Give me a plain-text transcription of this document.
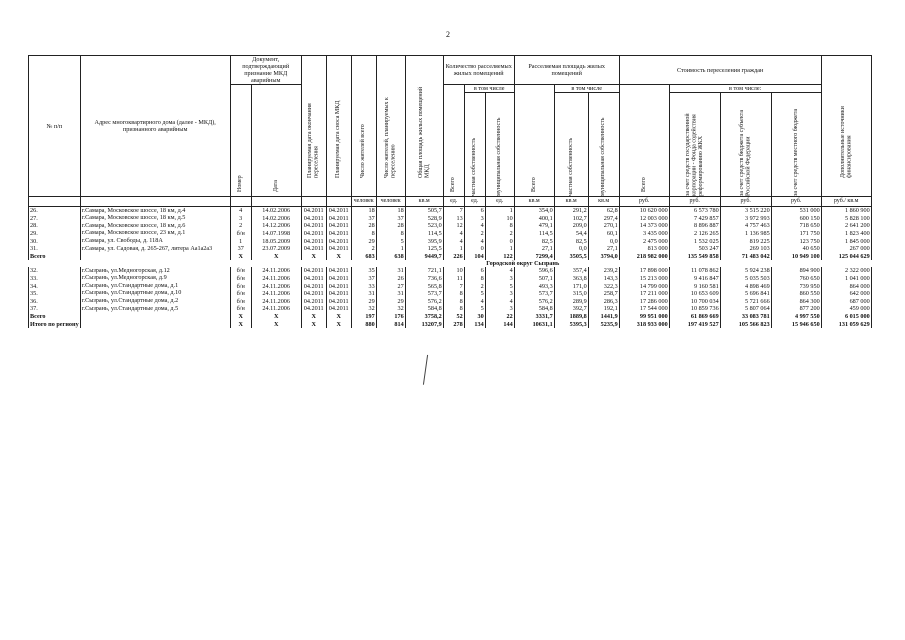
2
№ п/п	Адрес многоквартирного дома (далее - МКД), признанного аварийным	Документ, подтверждающий признание МКД аварийным		Планируемая дата окончания переселения	Планируемая дата сноса МКД	Число жителей всего	Число жителей, планируемых к переселению	Общая площадь жилых помещений МКД	Количество расселяемых жилых помещений			Расселяемая площадь жилых помещений			Стоимость переселения граждан				Дополнительные источники финансирования

		Номер	Дата						Всего	в том числе		Всего	в том числе		Всего	в том числе:			

										частная собственность	муниципальная собственность		частная собственность	муниципальная собственность		за счет средств государственной корпорации - Фонда содействия реформированию ЖКХ	за счет средств бюджета субъекта Российской Федерации	за счет средств местного бюджета	

						человек	человек	кв.м	ед.	ед.	ед.	кв.м	кв.м	кв.м	руб.	руб.	руб.	руб.	руб./ кв.м
26.	г.Самара, Московское шоссе, 18 км, д.4	4	14.02.2006	04.2011	04.2011	18	18	505,7	7	6	1	354,0	291,2	62,8	10 620 000	6 573 780	3 515 220	531 000	1 860 900
27.	г.Самара, Московское шоссе, 18 км, д.5	3	14.02.2006	04.2011	04.2011	37	37	528,9	13	3	10	400,1	102,7	297,4	12 003 000	7 429 857	3 972 993	600 150	5 828 100
28.	г.Самара, Московское шоссе, 18 км, д.6	2	14.12.2006	04.2011	04.2011	28	28	523,0	12	4	8	479,1	209,0	270,1	14 373 000	8 896 887	4 757 463	718 650	2 641 200
29.	г.Самара, Московское шоссе, 23 км, д.1	б/н	14.07.1998	04.2011	04.2011	8	8	114,5	4	2	2	114,5	54,4	60,1	3 435 000	2 126 265	1 136 985	171 750	1 823 400
30.	г.Самара, ул. Свободы, д. 118А	1	18.05.2009	04.2011	04.2011	29	5	395,9	4	4	0	82,5	82,5	0,0	2 475 000	1 532 025	819 225	123 750	1 845 000
31.	г.Самара, ул. Садовая, д. 265-267, литера Аа1а2а3	37	23.07.2009	04.2011	04.2011	2	1	125,5	1	0	1	27,1	0,0	27,1	813 000	503 247	269 103	40 650	267 000
Всего		X	X	X	X	683	638	9449,7	226	104	122	7299,4	3505,5	3794,0	218 982 000	135 549 858	71 483 042	10 949 100	125 044 629
											Городской округ Сызрань								
32.	г.Сызрань, ул.Медногорская, д.12	б/н	24.11.2006	04.2011	04.2011	35	31	721,1	10	6	4	596,6	357,4	239,2	17 898 000	11 078 862	5 924 238	894 900	2 322 000
33.	г.Сызрань, ул.Медногорская, д.9	б/н	24.11.2006	04.2011	04.2011	37	26	736,6	11	8	3	507,1	363,8	143,3	15 213 000	9 416 847	5 035 503	760 650	1 041 000
34.	г.Сызрань, ул.Стандартные дома, д.1	б/н	24.11.2006	04.2011	04.2011	33	27	565,8	7	2	5	493,3	171,0	322,3	14 799 000	9 160 581	4 898 469	739 950	864 000
35.	г.Сызрань, ул.Стандартные дома, д.10	б/н	24.11.2006	04.2011	04.2011	31	31	573,7	8	5	3	573,7	315,0	258,7	17 211 000	10 653 609	5 696 841	860 550	642 000
36.	г.Сызрань, ул.Стандартные дома, д.2	б/н	24.11.2006	04.2011	04.2011	29	29	576,2	8	4	4	576,2	289,9	286,3	17 286 000	10 700 034	5 721 666	864 300	687 000
37.	г.Сызрань, ул.Стандартные дома, д.5	б/н	24.11.2006	04.2011	04.2011	32	32	584,8	8	5	3	584,8	392,7	192,1	17 544 000	10 859 736	5 807 064	877 200	459 000
Всего		X	X	X	X	197	176	3758,2	52	30	22	3331,7	1889,8	1441,9	99 951 000	61 869 669	33 083 781	4 997 550	6 015 000
Итого по региону		X	X	X	X	880	814	13207,9	278	134	144	10631,1	5395,3	5235,9	318 933 000	197 419 527	105 566 823	15 946 650	131 059 629
